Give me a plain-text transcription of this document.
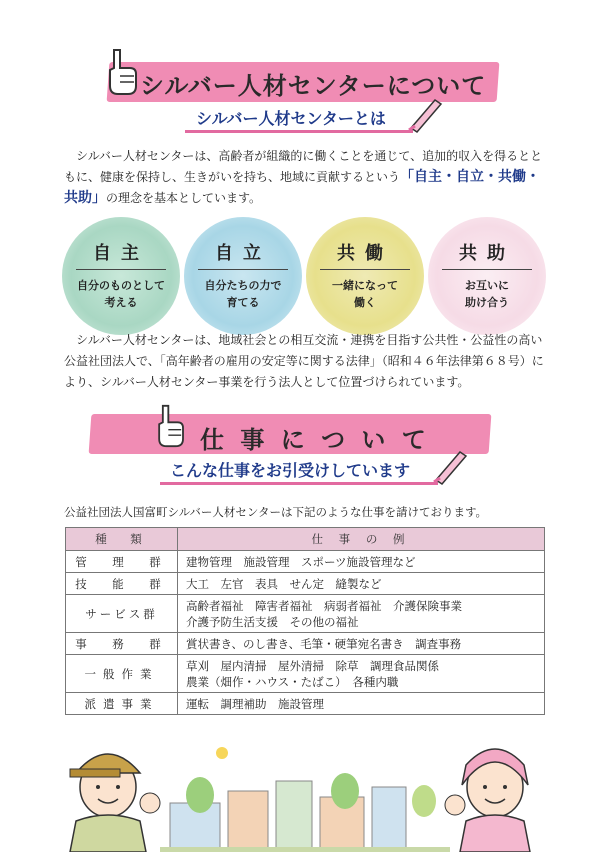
シルバー人材センターについて
シルバー人材センターとは
シルバー人材センターは、高齢者が組織的に働くことを通じて、追加的収入を得るとともに、健康を保持し、生きがいを持ち、地域に貢献するという「自主・自立・共働・共助」の理念を基本としています。
自主
自分のものとして
考える
自立
自分たちの力で
育てる
共働
一緒になって
働く
共助
お互いに
助け合う
シルバー人材センターは、地域社会との相互交流・連携を目指す公共性・公益性の高い公益社団法人で、「高年齢者の雇用の安定等に関する法律」（昭和４６年法律第６８号）により、シルバー人材センター事業を行う法人として位置づけられています。
仕 事 に つ い て
こんな仕事をお引受けしています
公益社団法人国富町シルバー人材センターは下記のような仕事を請けております。
種　類	仕 事 の 例
管　理　群	建物管理　施設管理　スポーツ施設管理など
技　能　群	大工　左官　表具　せん定　縫製など
サービス群	高齢者福祉　障害者福祉　病弱者福祉　介護保険事業
介護予防生活支援　その他の福祉
事　務　群	賞状書き、のし書き、毛筆・硬筆宛名書き　調査事務
一般作業	草刈　屋内清掃　屋外清掃　除草　調理食品関係
農業（畑作・ハウス・たばこ）　各種内職
派遣事業	運転　調理補助　施設管理
